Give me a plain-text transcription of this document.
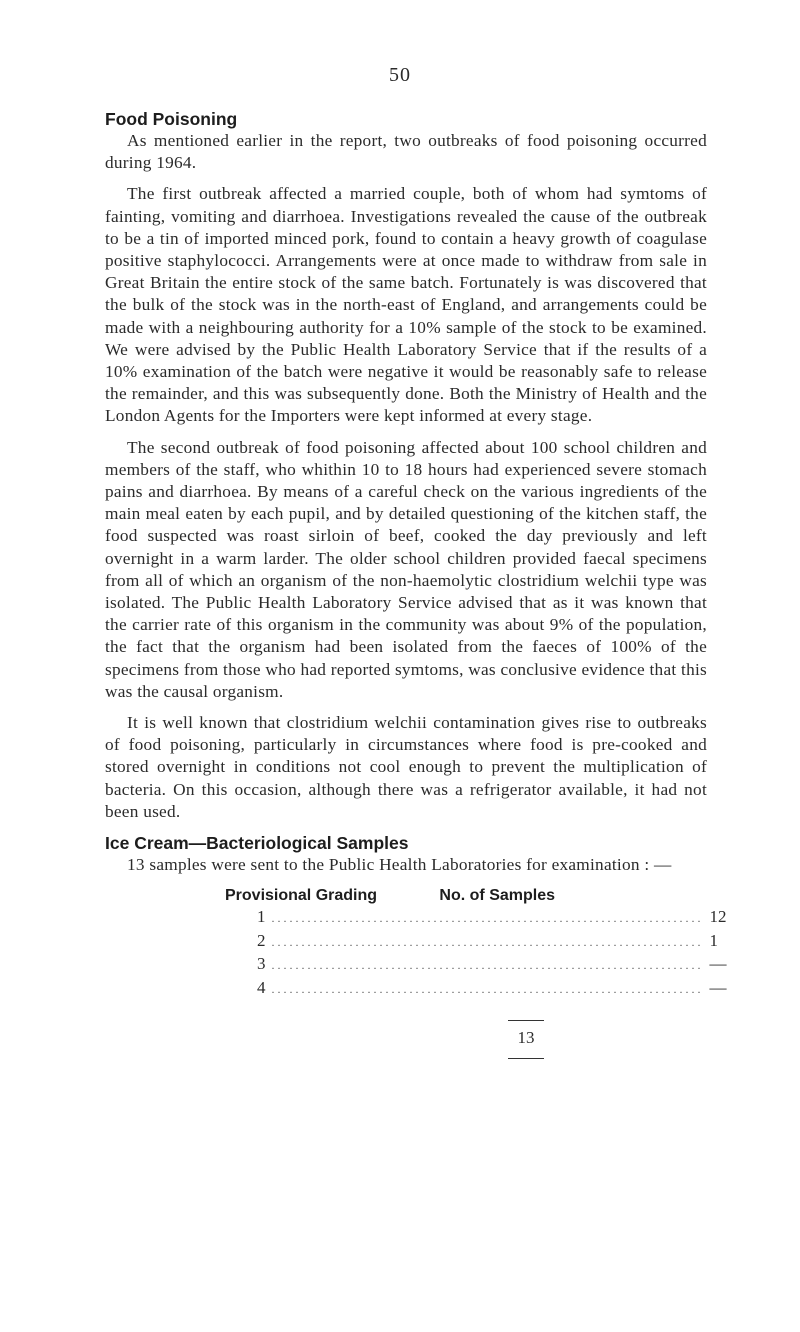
50
Food Poisoning

As mentioned earlier in the report, two outbreaks of food poisoning occurred during 1964.

The first outbreak affected a married couple, both of whom had symtoms of fainting, vomiting and diarrhoea. Investigations revealed the cause of the outbreak to be a tin of imported minced pork, found to contain a heavy growth of coagulase positive staphylococci. Arrangements were at once made to withdraw from sale in Great Britain the entire stock of the same batch. Fortunately is was discovered that the bulk of the stock was in the north-east of England, and arrangements could be made with a neighbouring authority for a 10% sample of the stock to be examined. We were advised by the Public Health Laboratory Service that if the results of a 10% examination of the batch were negative it would be reasonably safe to release the remainder, and this was subsequently done. Both the Ministry of Health and the London Agents for the Importers were kept informed at every stage.

The second outbreak of food poisoning affected about 100 school children and members of the staff, who whithin 10 to 18 hours had experienced severe stomach pains and diarrhoea. By means of a careful check on the various ingredients of the main meal eaten by each pupil, and by detailed questioning of the kitchen staff, the food suspected was roast sirloin of beef, cooked the day previously and left overnight in a warm larder. The older school children provided faecal specimens from all of which an organism of the non-haemolytic clostridium welchii type was isolated. The Public Health Laboratory Service advised that as it was known that the carrier rate of this organism in the community was about 9% of the population, the fact that the organism had been isolated from the faeces of 100% of the specimens from those who had reported symtoms, was conclusive evidence that this was the causal organism.

It is well known that clostridium welchii contamination gives rise to outbreaks of food poisoning, particularly in circumstances where food is pre-cooked and stored overnight in conditions not cool enough to prevent the multiplication of bacteria. On this occasion, although there was a refrigerator available, it had not been used.

Ice Cream—Bacteriological Samples

13 samples were sent to the Public Health Laboratories for examination : —

Provisional Grading	No. of Samples
1 ........................................................................ 12
2 ........................................................................ 1
3 ........................................................................ —
4 ........................................................................ —
13
